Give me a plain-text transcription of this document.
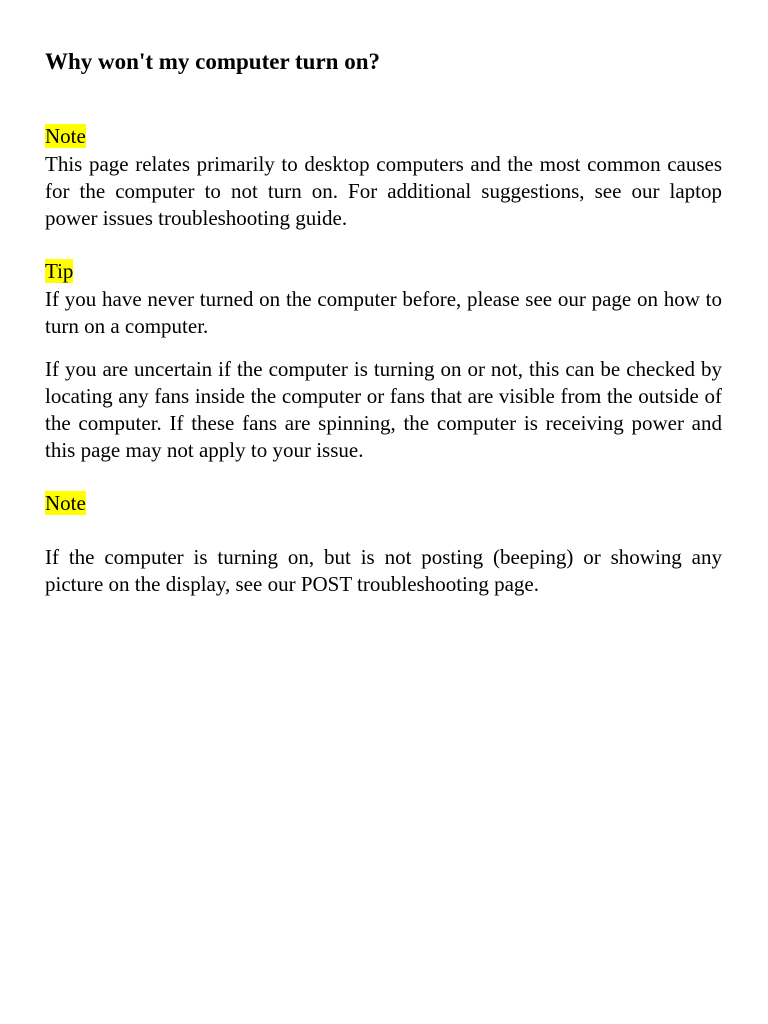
Why won't my computer turn on?
Note

This page relates primarily to desktop computers and the most common causes for the computer to not turn on. For additional suggestions, see our laptop power issues troubleshooting guide.

Tip

If you have never turned on the computer before, please see our page on how to turn on a computer.

If you are uncertain if the computer is turning on or not, this can be checked by locating any fans inside the computer or fans that are visible from the outside of the computer. If these fans are spinning, the computer is receiving power and this page may not apply to your issue.

Note

If the computer is turning on, but is not posting (beeping) or showing any picture on the display, see our POST troubleshooting page.
